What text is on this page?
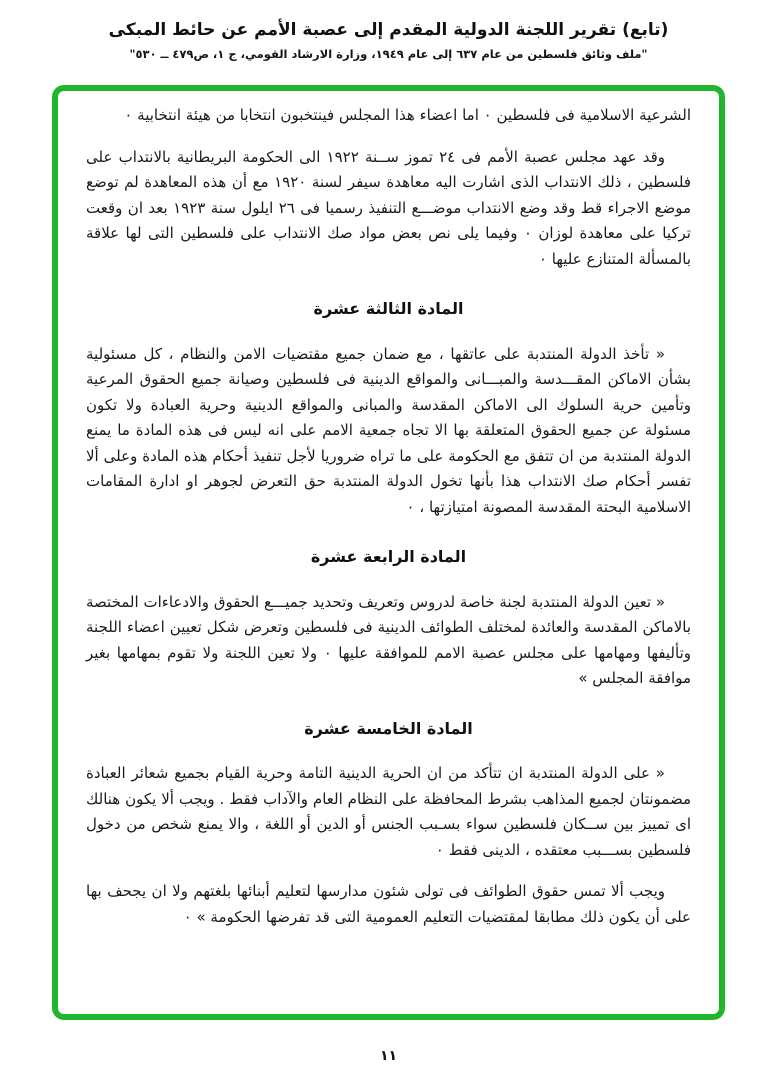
(تابع) تقرير اللجنة الدولية المقدم إلى عصبة الأمم عن حائط المبكى
"ملف وثائق فلسطين من عام ٦٣٧ إلى عام ١٩٤٩، وزارة الارشاد القومي، ج ١، ص٤٧٩ ــ ٥٣٠"

الشرعية الاسلامية فى فلسطين ٠ اما اعضاء هذا المجلس فينتخبون انتخابا من هيئة انتخابية ٠

وقد عهد مجلس عصبة الأمم فى ٢٤ تموز ســنة ١٩٢٢ الى الحكومة البريطانية بالانتداب على فلسطين ، ذلك الانتداب الذى اشارت اليه معاهدة سيفر لسنة ١٩٢٠ مع أن هذه المعاهدة لم توضع موضع الاجراء قط وقد وضع الانتداب موضـــع التنفيذ رسميا فى ٢٦ ايلول سنة ١٩٢٣ بعد ان وقعت تركيا على معاهدة لوزان ٠ وفيما يلى نص بعض مواد صك الانتداب على فلسطين التى لها علاقة بالمسألة المتنازع عليها ٠

المادة الثالثة عشرة

« تأخذ الدولة المنتدبة على عاتقها ، مع ضمان جميع مقتضيات الامن والنظام ، كل مسئولية بشأن الاماكن المقـــدسة والمبـــانى والمواقع الدينية فى فلسطين وصيانة جميع الحقوق المرعية وتأمين حرية السلوك الى الاماكن المقدسة والمبانى والمواقع الدينية وحرية العبادة ولا تكون مسئولة عن جميع الحقوق المتعلقة بها الا تجاه جمعية الامم على انه ليس فى هذه المادة ما يمنع الدولة المنتدبة من ان تتفق مع الحكومة على ما تراه ضروريا لأجل تنفيذ أحكام هذه المادة وعلى ألا تفسر أحكام صك الانتداب هذا بأنها تخول الدولة المنتدبة حق التعرض لجوهر او ادارة المقامات الاسلامية البحتة المقدسة المصونة امتيازتها ، ٠

المادة الرابعة عشرة

« تعين الدولة المنتدبة لجنة خاصة لدروس وتعريف وتحديد جميـــع الحقوق والادعاءات المختصة بالاماكن المقدسة والعائدة لمختلف الطوائف الدينية فى فلسطين وتعرض شكل تعيين اعضاء اللجنة وتأليفها ومهامها على مجلس عصبة الامم للموافقة عليها ٠ ولا تعين اللجنة ولا تقوم بمهامها بغير موافقة المجلس »

المادة الخامسة عشرة

« على الدولة المنتدبة ان تتأكد من ان الحرية الدينية التامة وحرية القيام بجميع شعائر العبادة مضمونتان لجميع المذاهب بشرط المحافظة على النظام العام والآداب فقط . ويجب ألا يكون هنالك اى تمييز بين ســكان فلسطين سواء بسـبب الجنس أو الدين أو اللغة ، والا يمنع شخص من دخول فلسطين بســـبب معتقده ، الدينى فقط ٠

ويجب ألا تمس حقوق الطوائف فى تولى شئون مدارسها لتعليم أبنائها بلغتهم ولا ان يجحف بها على أن يكون ذلك مطابقا لمقتضيات التعليم العمومية التى قد تفرضها الحكومة » ٠

١١
